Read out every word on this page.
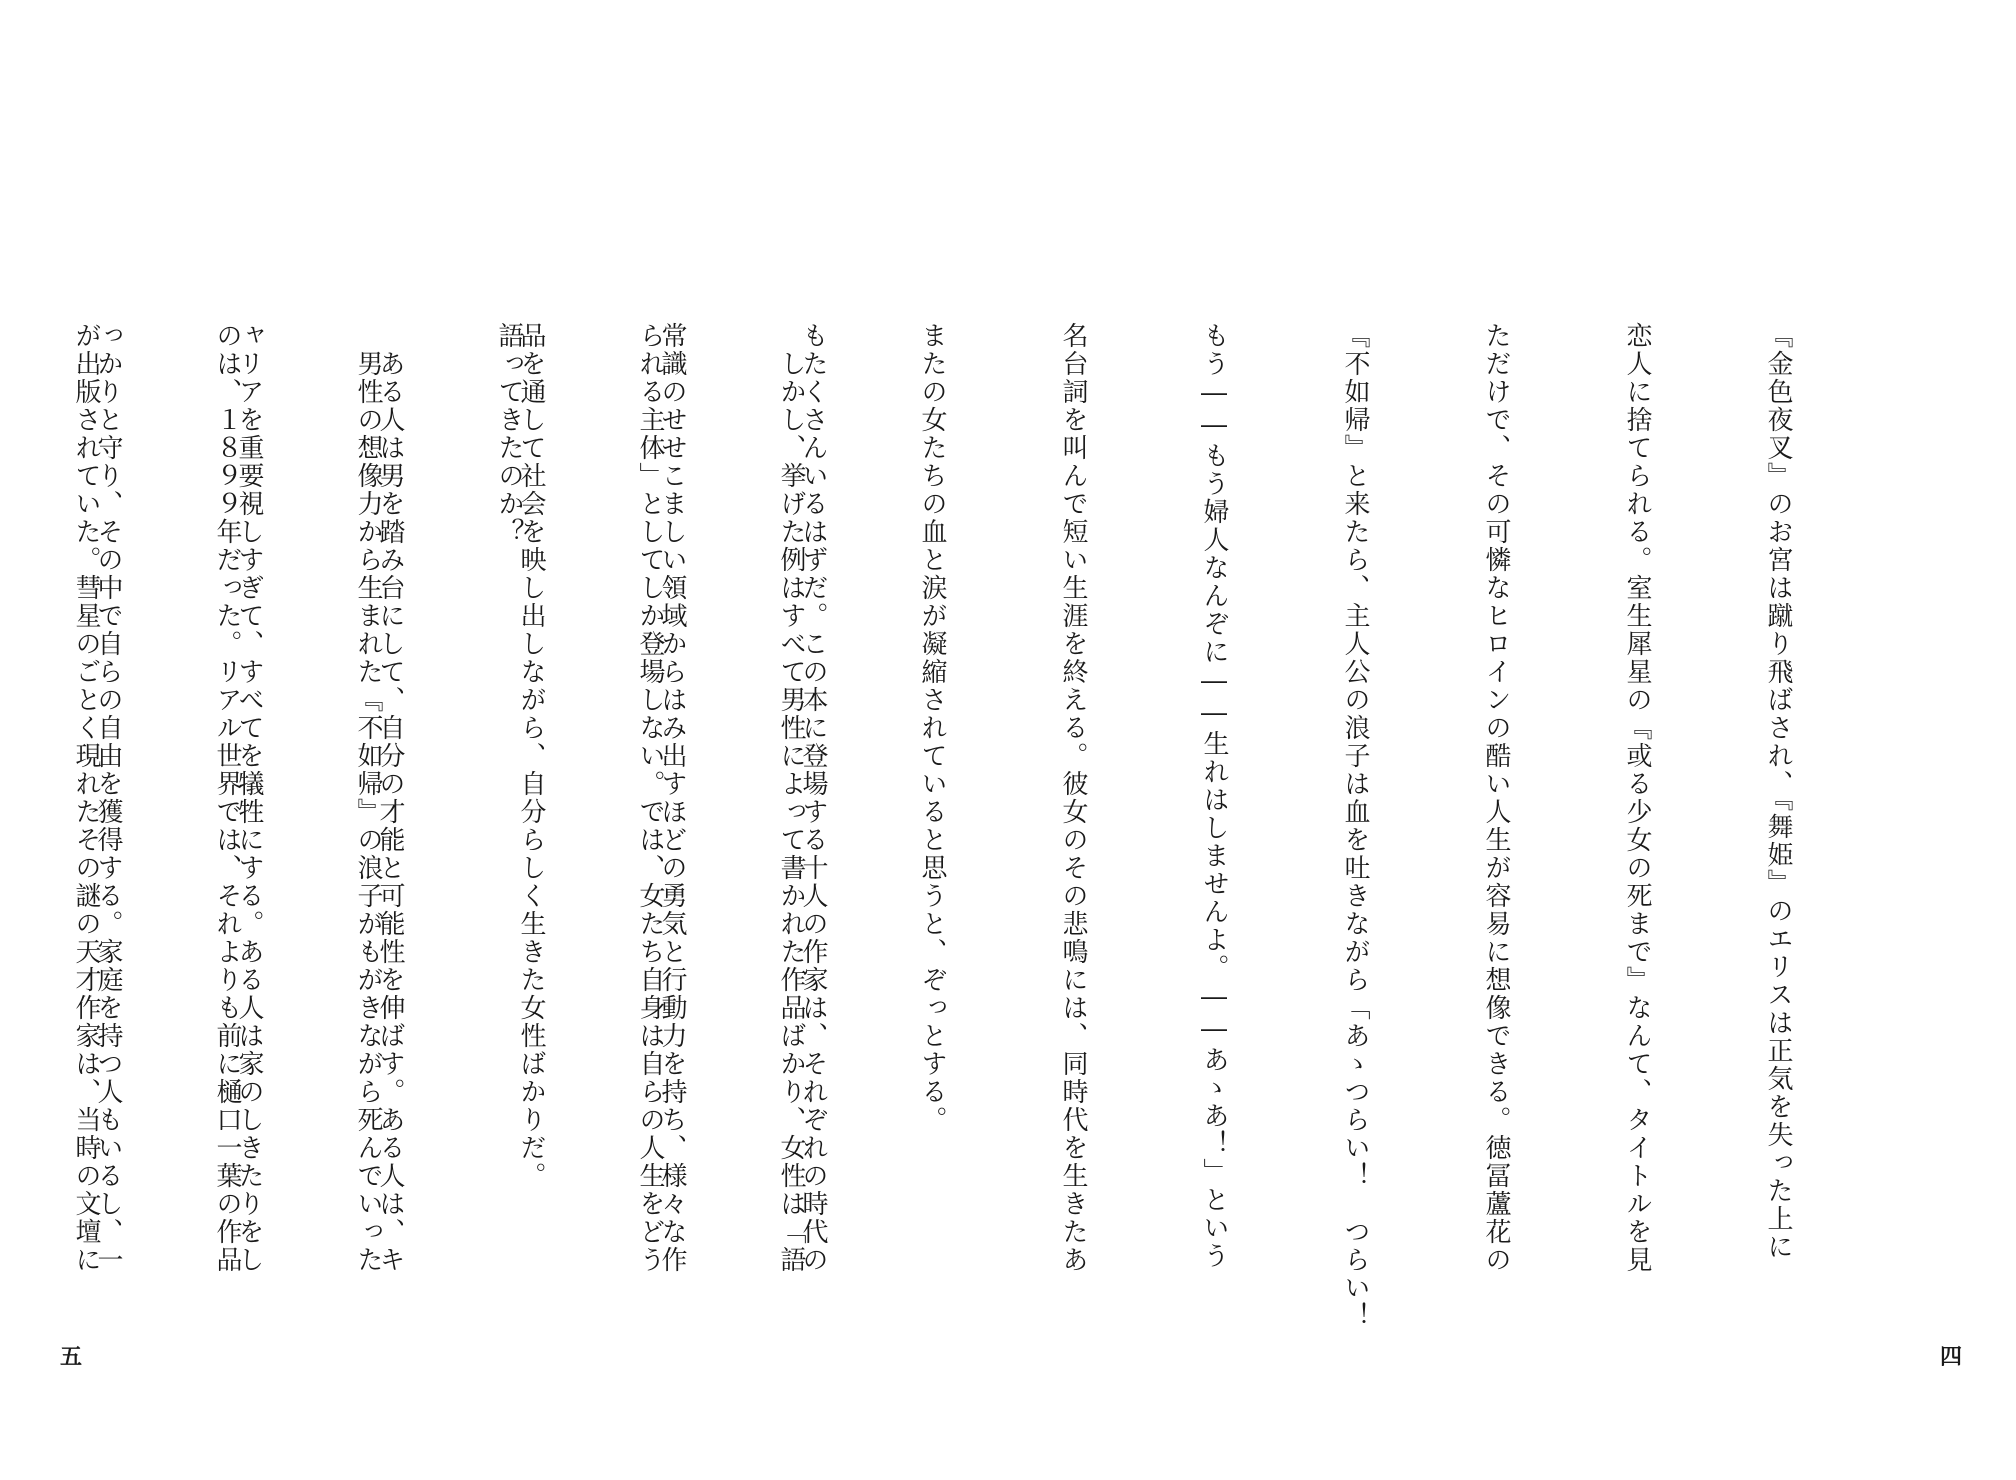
『金色夜叉』のお宮は蹴り飛ばされ、『舞姫』のエリスは正気を失った上に

恋人に捨てられる。室生犀星の『或る少女の死まで』なんて、タイトルを見

ただけで、その可憐なヒロインの酷い人生が容易に想像できる。徳冨蘆花の

『不如帰』と来たら、主人公の浪子は血を吐きながら「あゝつらい！　つらい！

もう――もう婦人なんぞに――生れはしませんよ。――あゝあ！」という

名台詞を叫んで短い生涯を終える。彼女のその悲鳴には、同時代を生きたあ

またの女たちの血と涙が凝縮されていると思うと、ぞっとする。

　しかし、挙げた例はすべて男性によって書かれた作品ばかり、女性は「語

られる主体」としてしか登場しない。では、女たち自身は自らの人生をどう

語ってきたのか？

　男性の想像力から生まれた『不如帰』の浪子がもがきながら死んでいった

のは、１８９９年だった。リアル世界では、それよりも前に樋口一葉の作品

が出版されていた。彗星のごとく現れたその謎の天才作家は、当時の文壇に

	もたくさんいるはずだ。この本に登場する十人の作家は、それぞれの時代の

常識のせせこましい領域からはみ出すほどの勇気と行動力を持ち、様々な作

品を通して社会を映し出しながら、自分らしく生きた女性ばかりだ。

　ある人は男を踏み台にして、自分の才能と可能性を伸ばす。ある人は、キ

ャリアを重要視しすぎて、すべてを犠牲にする。ある人は家のしきたりをし

っかりと守り、その中で自らの自由を獲得する。家庭を持つ人もいるし、一

五	四
